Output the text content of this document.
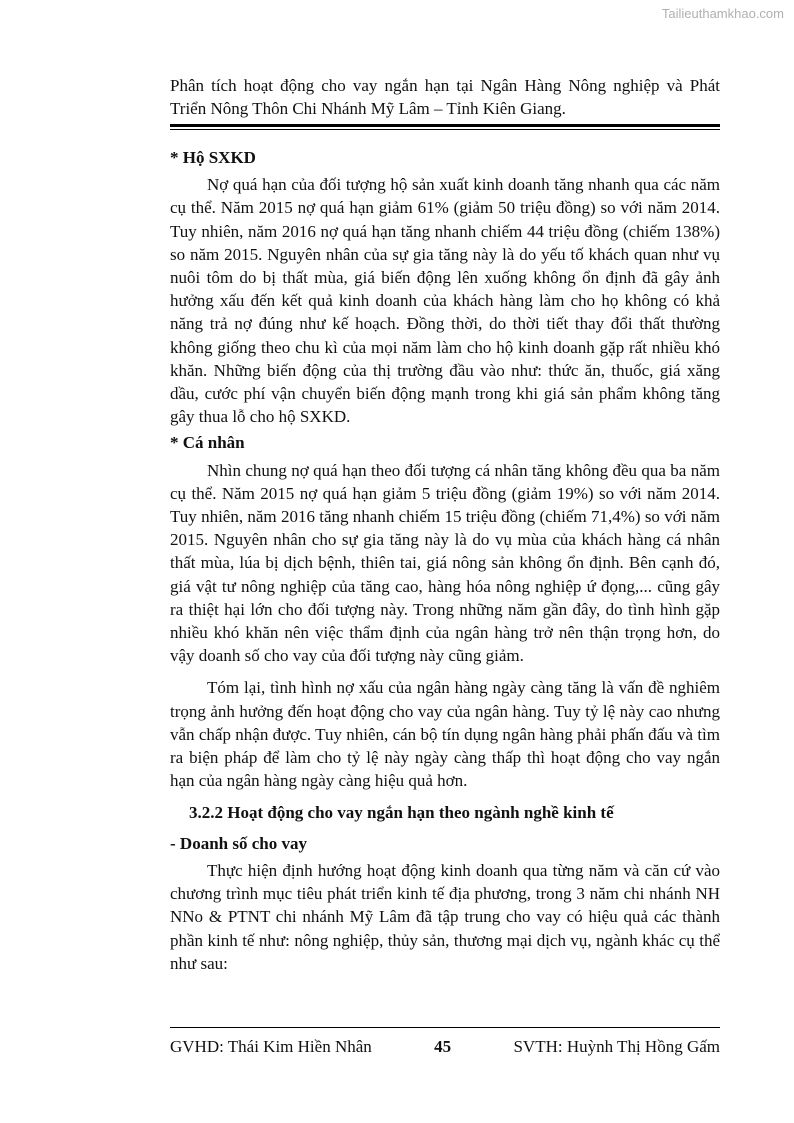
Tailieuthamkhao.com
Phân tích hoạt động cho vay ngắn hạn tại Ngân Hàng Nông nghiệp và Phát Triển Nông Thôn Chi Nhánh Mỹ Lâm – Tỉnh Kiên Giang.

* Hộ SXKD

Nợ quá hạn của đối tượng hộ sản xuất kinh doanh tăng nhanh qua các năm cụ thể. Năm 2015 nợ quá hạn giảm 61% (giảm 50 triệu đồng) so với năm 2014. Tuy nhiên, năm 2016 nợ quá hạn tăng nhanh chiếm 44 triệu đồng (chiếm 138%) so năm 2015. Nguyên nhân của sự gia tăng này là do yếu tố khách quan như vụ nuôi tôm do bị thất mùa, giá biến động lên xuống không ổn định đã gây ảnh hưởng xấu đến kết quả kinh doanh của khách hàng làm cho họ không có khả năng trả nợ đúng như kế hoạch. Đồng thời, do thời tiết thay đổi thất thường không giống theo chu kì của mọi năm làm cho hộ kinh doanh gặp rất nhiều khó khăn. Những biến động của thị trường đầu vào như: thức ăn, thuốc, giá xăng dầu, cước phí vận chuyển biến động mạnh trong khi giá sản phẩm không tăng gây thua lỗ cho hộ SXKD.

* Cá nhân

Nhìn chung nợ quá hạn theo đối tượng cá nhân tăng không đều qua ba năm cụ thể. Năm 2015 nợ quá hạn giảm 5 triệu đồng (giảm 19%) so với năm 2014. Tuy nhiên, năm 2016 tăng nhanh chiếm 15 triệu đồng (chiếm 71,4%) so với năm 2015. Nguyên nhân cho sự gia tăng này là do vụ mùa của khách hàng cá nhân thất mùa, lúa bị dịch bệnh, thiên tai, giá nông sản không ổn định. Bên cạnh đó, giá vật tư nông nghiệp của tăng cao, hàng hóa nông nghiệp ứ đọng,... cũng gây ra thiệt hại lớn cho đối tượng này. Trong những năm gần đây, do tình hình gặp nhiều khó khăn nên việc thẩm định của ngân hàng trở nên thận trọng hơn, do vậy doanh số cho vay của đối tượng này cũng giảm.

Tóm lại, tình hình nợ xấu của ngân hàng ngày càng tăng là vấn đề nghiêm trọng ảnh hưởng đến hoạt động cho vay của ngân hàng. Tuy tỷ lệ này cao nhưng vẫn chấp nhận được. Tuy nhiên, cán bộ tín dụng ngân hàng phải phấn đấu và tìm ra biện pháp để làm cho tỷ lệ này ngày càng thấp thì hoạt động cho vay ngắn hạn của ngân hàng ngày càng hiệu quả hơn.

3.2.2 Hoạt động cho vay ngắn hạn theo ngành nghề kinh tế

- Doanh số cho vay

Thực hiện định hướng hoạt động kinh doanh qua từng năm và căn cứ vào chương trình mục tiêu phát triển kinh tế địa phương, trong 3 năm chi nhánh NH NNo & PTNT chi nhánh Mỹ Lâm đã tập trung cho vay có hiệu quả các thành phần kinh tế như: nông nghiệp, thủy sản, thương mại dịch vụ, ngành khác cụ thể như sau:

GVHD: Thái Kim Hiền Nhân	45	SVTH: Huỳnh Thị Hồng Gấm
